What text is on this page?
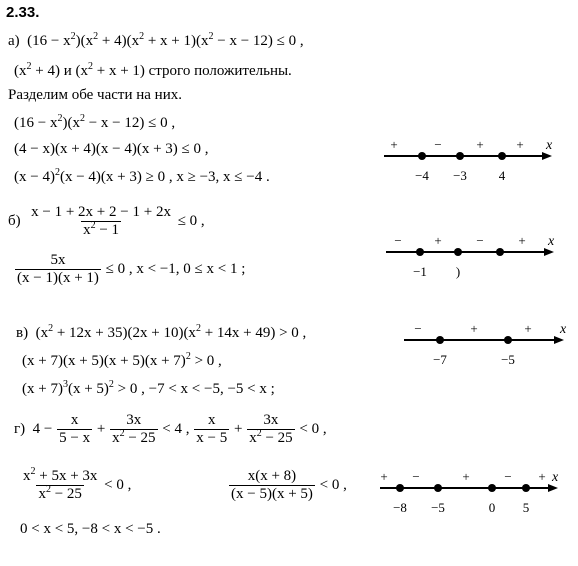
2.33.
а) $(16 - x^2)(x^2 + 4)(x^2 + x + 1)(x^2 - x - 12) \le 0$ ,
$(x^2 + 4)$ и $(x^2 + x + 1)$ строго положительны.
Разделим обе части на них.
$(16 - x^2)(x^2 - x - 12) \le 0$ ,
(4 − x)(x + 4)(x − 4)(x + 3) ≤ 0 ,
$(x - 4)^2(x - 4)(x + 3) \ge 0$ , x ≥ −3, x ≤ −4 .
$б) \frac{x - 1 + 2x + 2 - 1 + 2x}{x^2 - 1} \le 0$ ,
$\frac{5x}{(x - 1)(x + 1)} \le 0$ , x < −1, 0 ≤ x < 1 ;
в) $(x^2 + 12x + 35)(2x + 10)(x^2 + 14x + 49) > 0$ ,
$(x + 7)(x + 5)(x + 5)(x + 7)^2 > 0$ ,
$(x + 7)^3(x + 5)^2 > 0$ , −7 < x < −5, −5 < x ;
г) $4 - \frac{x}{5 - x} + \frac{3x}{x^2 - 25} < 4$ , $\frac{x}{x - 5} + \frac{3x}{x^2 - 25} < 0$ ,
$\frac{x^2 + 5x + 3x}{x^2 - 25} < 0$ ,	$\frac{x(x + 8)}{(x - 5)(x + 5)} < 0$ ,
0 < x < 5, −8 < x < −5 .
x
−4 −3 4
+	−	+	+
x
−1 )
−	+	−	+
x
−7	−5
−	+	+
x
−8 −5	0 5
+ −	+	− +
